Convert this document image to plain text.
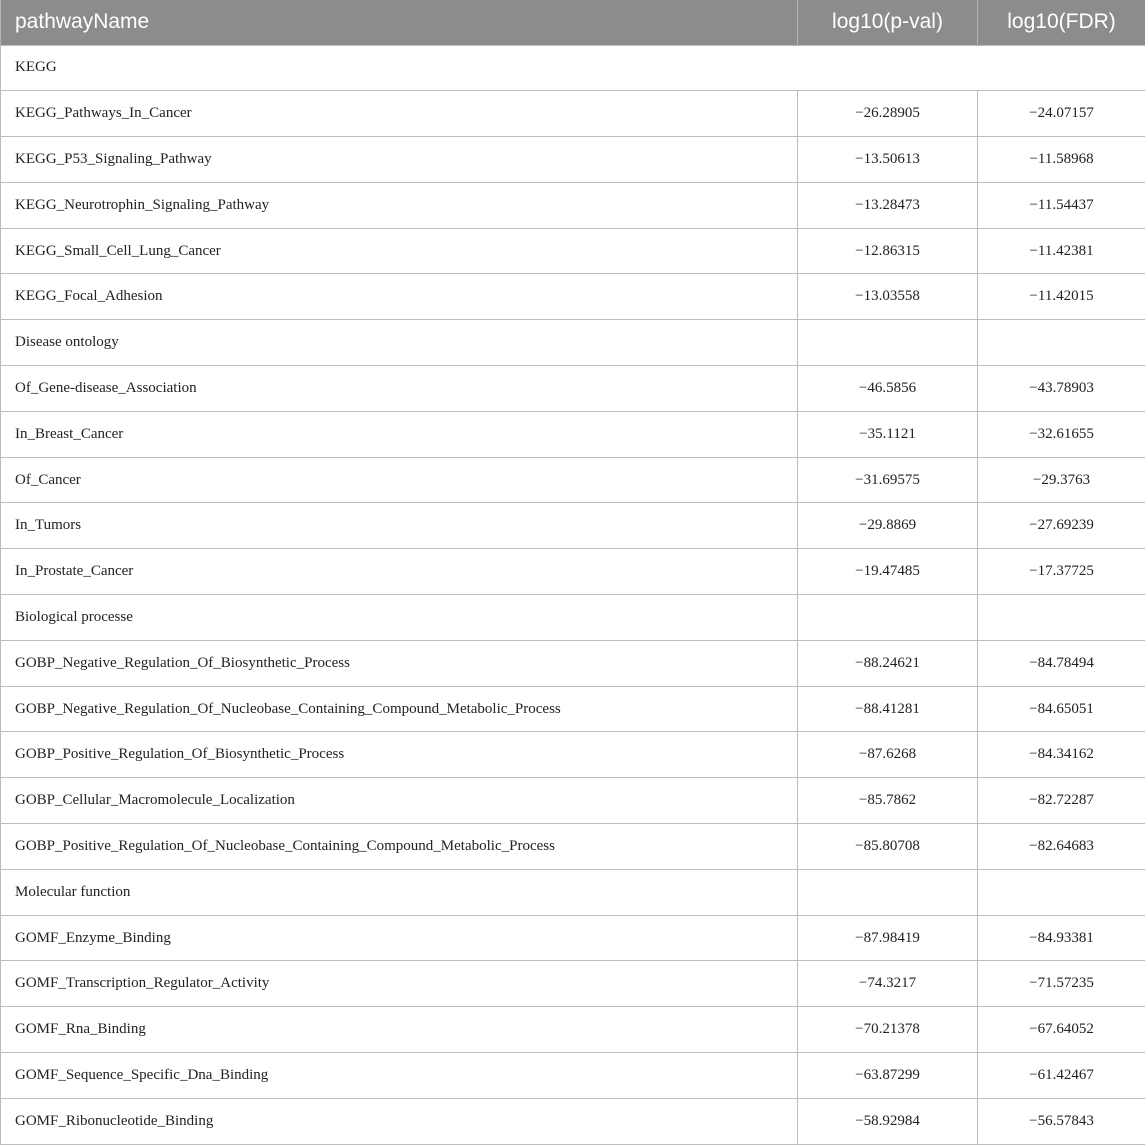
pathwayName	log10(p-val)	log10(FDR)
KEGG		
KEGG_Pathways_In_Cancer	−26.28905	−24.07157
KEGG_P53_Signaling_Pathway	−13.50613	−11.58968
KEGG_Neurotrophin_Signaling_Pathway	−13.28473	−11.54437
KEGG_Small_Cell_Lung_Cancer	−12.86315	−11.42381
KEGG_Focal_Adhesion	−13.03558	−11.42015
Disease ontology		
Of_Gene-disease_Association	−46.5856	−43.78903
In_Breast_Cancer	−35.1121	−32.61655
Of_Cancer	−31.69575	−29.3763
In_Tumors	−29.8869	−27.69239
In_Prostate_Cancer	−19.47485	−17.37725
Biological processe		
GOBP_Negative_Regulation_Of_Biosynthetic_Process	−88.24621	−84.78494
GOBP_Negative_Regulation_Of_Nucleobase_Containing_Compound_Metabolic_Process	−88.41281	−84.65051
GOBP_Positive_Regulation_Of_Biosynthetic_Process	−87.6268	−84.34162
GOBP_Cellular_Macromolecule_Localization	−85.7862	−82.72287
GOBP_Positive_Regulation_Of_Nucleobase_Containing_Compound_Metabolic_Process	−85.80708	−82.64683
Molecular function		
GOMF_Enzyme_Binding	−87.98419	−84.93381
GOMF_Transcription_Regulator_Activity	−74.3217	−71.57235
GOMF_Rna_Binding	−70.21378	−67.64052
GOMF_Sequence_Specific_Dna_Binding	−63.87299	−61.42467
GOMF_Ribonucleotide_Binding	−58.92984	−56.57843
